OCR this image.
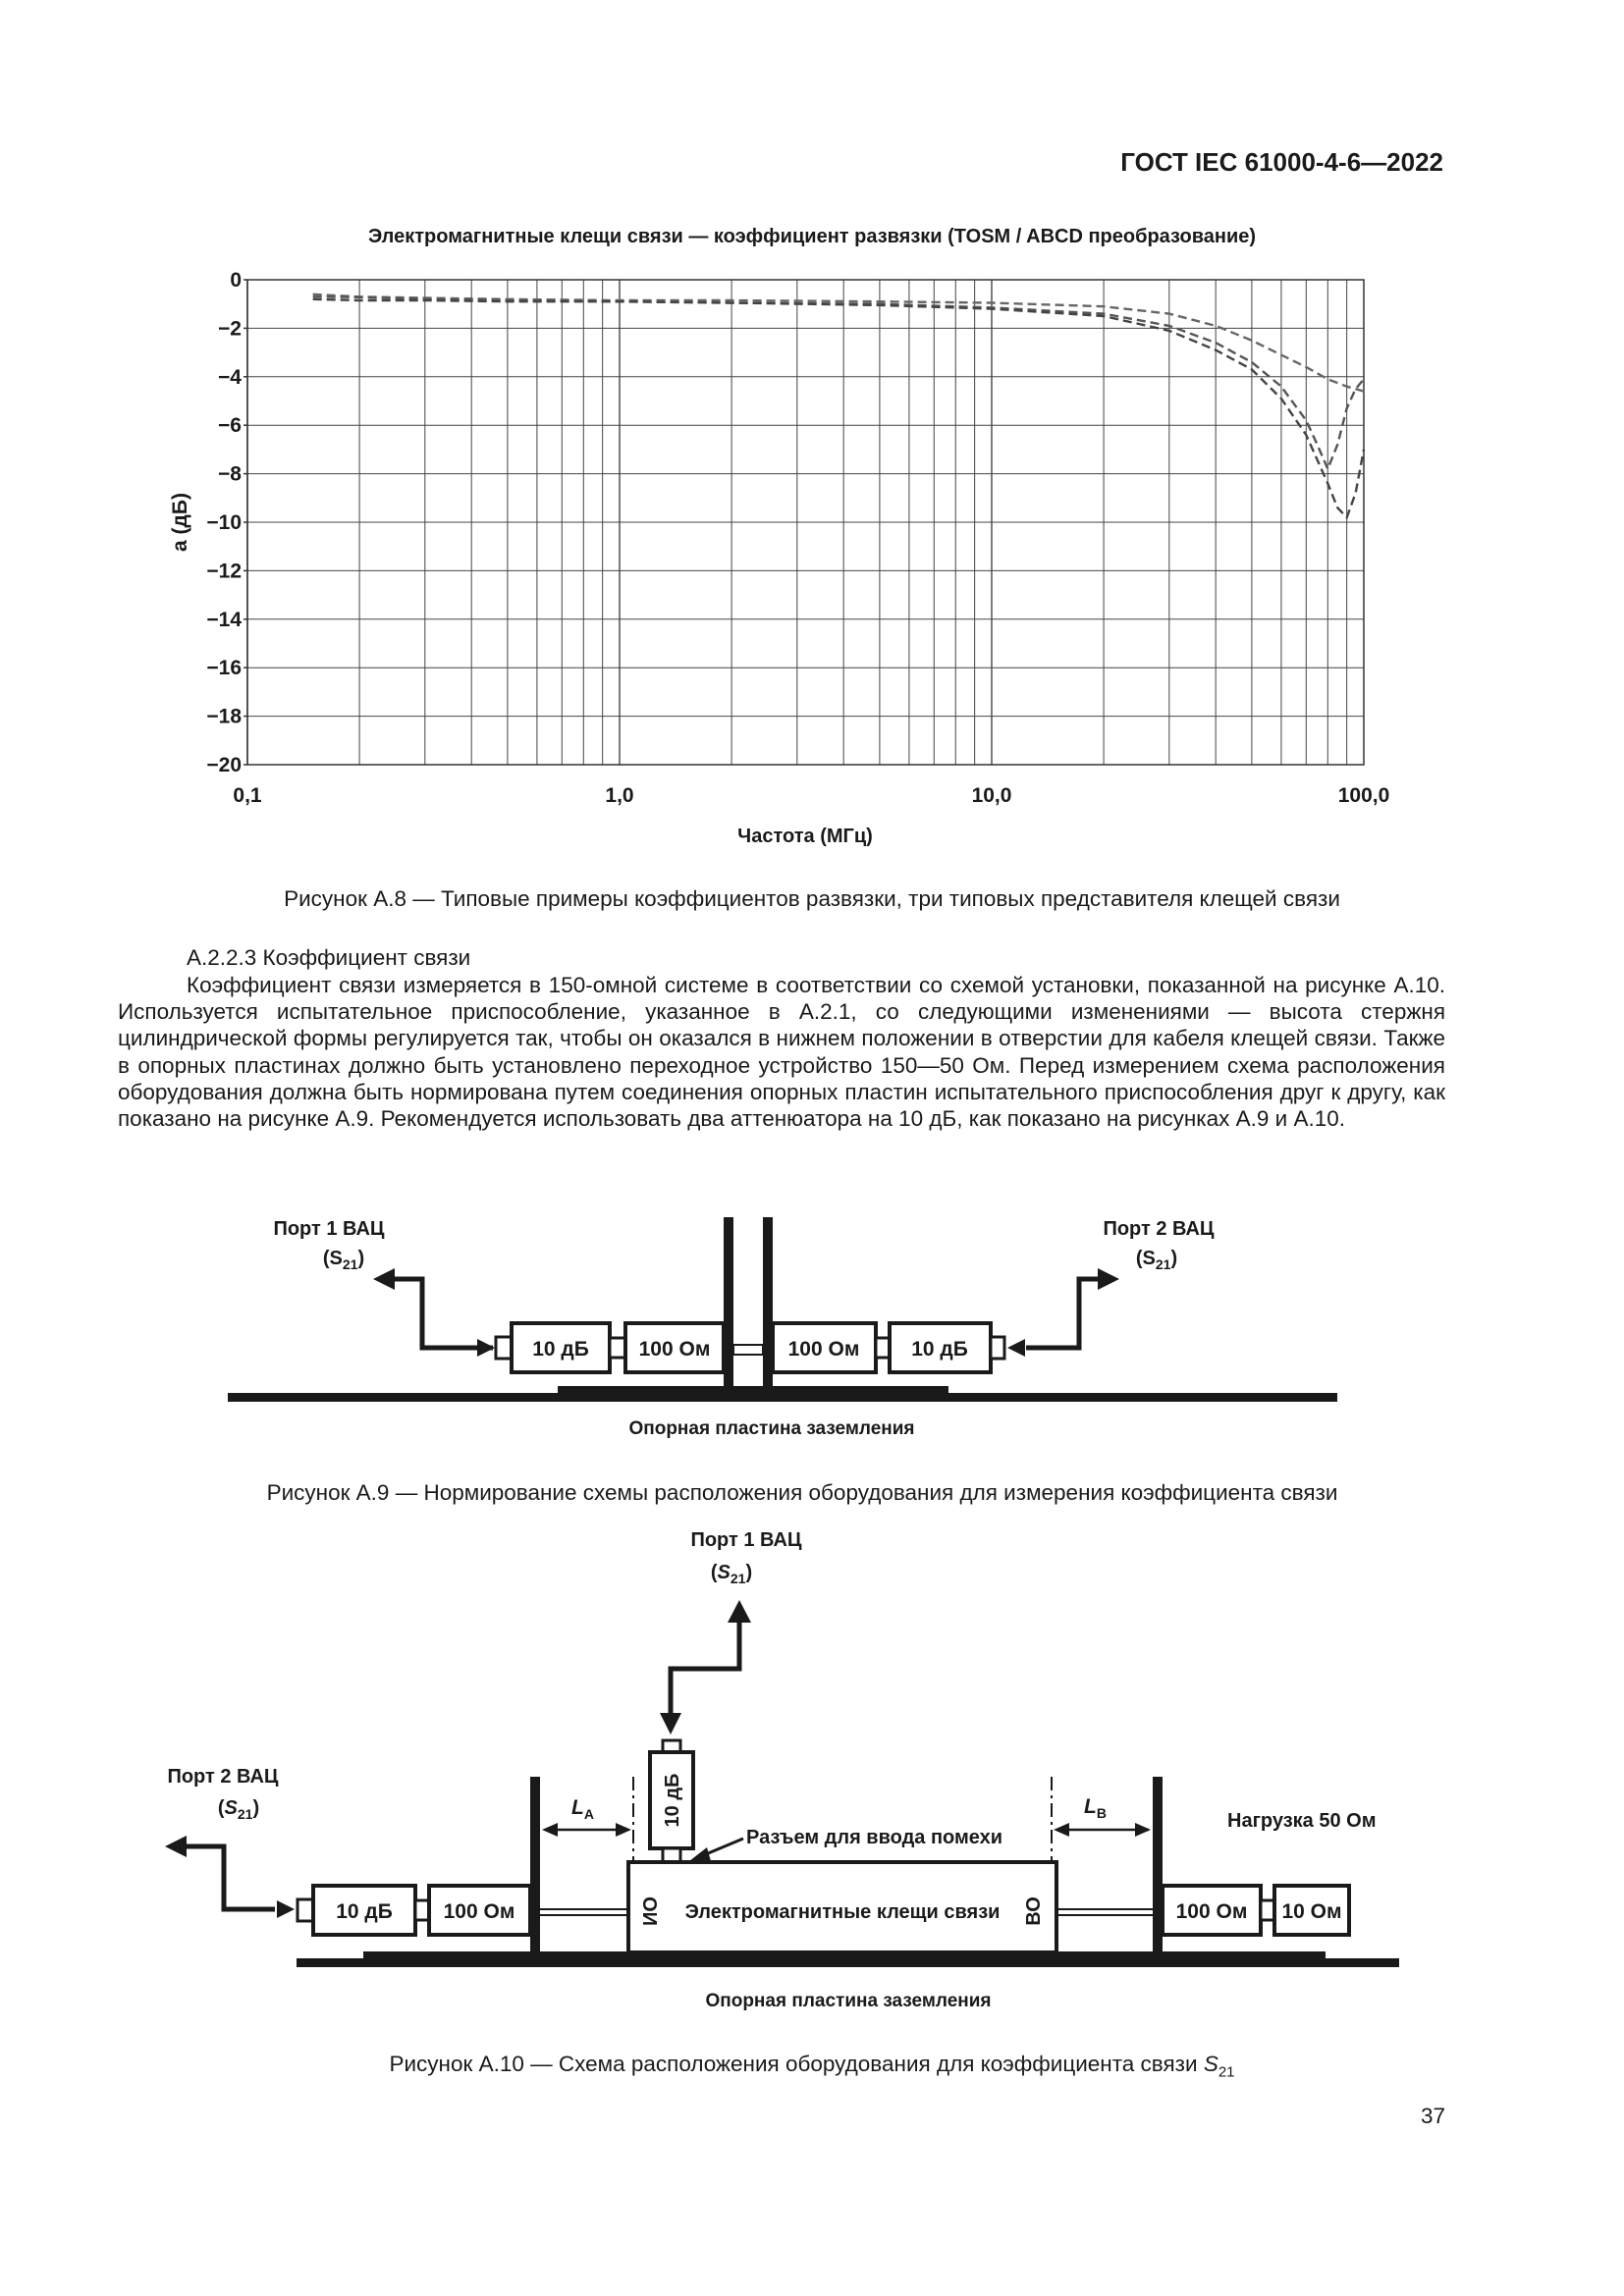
ГОСТ IEC 61000-4-6—2022
Электромагнитные клещи связи — коэффициент развязки (TOSM / ABCD преобразование)
0
−2
−4
−6
−8
−10
−12
−14
−16
−18
−20
0,1	1,0	10,0	100,0
a (дБ)
Частота (МГц)
Рисунок А.8 — Типовые примеры коэффициентов развязки, три типовых представителя клещей связи
А.2.2.3 Коэффициент связи

Коэффициент связи измеряется в 150-омной системе в соответствии со схемой установки, показанной на рисунке А.10. Используется испытательное приспособление, указанное в А.2.1, со следующими изменениями — высота стержня цилиндрической формы регулируется так, чтобы он оказался в нижнем положении в отверстии для кабеля клещей связи. Также в опорных пластинах должно быть установлено переходное устройство 150—50 Ом. Перед измерением схема расположения оборудования должна быть нормирована путем соединения опорных пластин испытательного приспособления друг к другу, как показано на рисунке А.9. Рекомендуется использовать два аттенюатора на 10 дБ, как показано на рисунках А.9 и А.10.

10 дБ 100 Ом	100 Ом	10 дБ
Порт 1 ВАЦ
$(S_{21})$
Порт 2 ВАЦ
$(S_{21})$
Опорная пластина заземления
Рисунок А.9 — Нормирование схемы расположения оборудования для измерения коэффициента связи
Порт 1 ВАЦ
$(S_{21})$
10 дБ
Разъем для ввода помехи
Порт 2 ВАЦ
$(S_{21})$	$L_A$	$L_B$	Нагрузка 50 Ом
10 дБ 100 Ом	ИО Электромагнитные клещи связи ВО	100 Ом 10 Ом
Опорная пластина заземления
Рисунок А.10 — Схема расположения оборудования для коэффициента связи $S_{21}$
37
